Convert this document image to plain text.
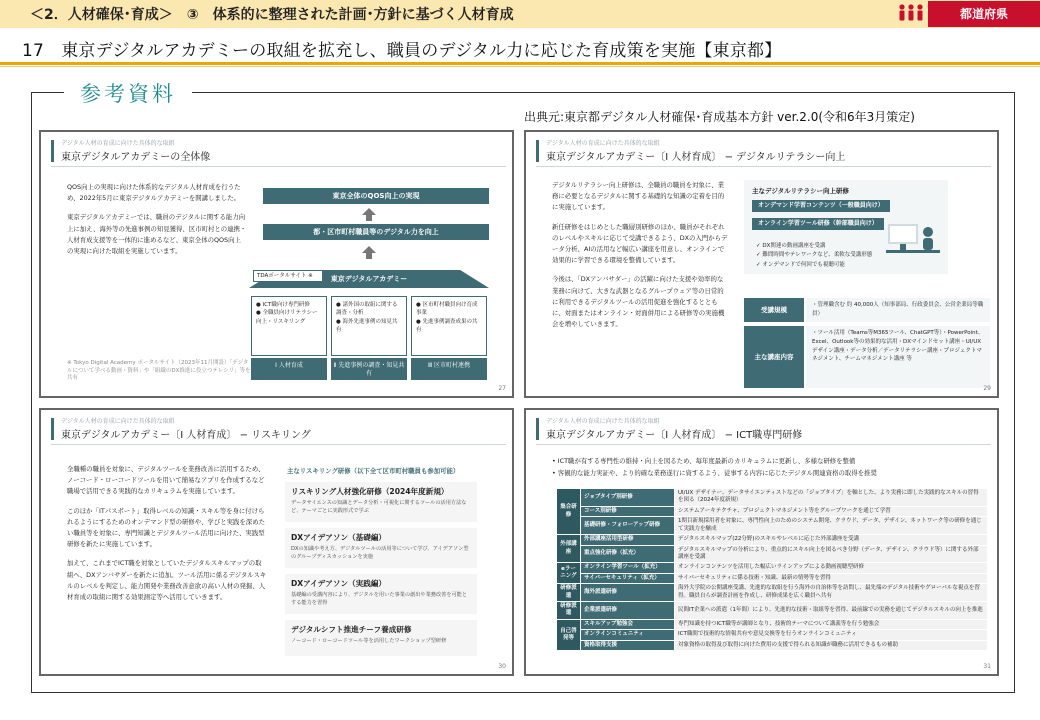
＜2．人材確保･育成＞　③　体系的に整理された計画･方針に基づく人材育成	都道府県
17　東京デジタルアカデミーの取組を拡充し、職員のデジタル力に応じた育成策を実施【東京都】
参考資料
出典元:東京都デジタル人材確保･育成基本方針 ver.2.0(令和6年3月策定)
デジタル人材の育成に向けた具体的な取組
東京デジタルアカデミーの全体像

QOS向上の実現に向けた体系的なデジタル人材育成を行うため、2022年5月に東京デジタルアカデミーを開講しました。

東京デジタルアカデミーでは、職員のデジタルに関する能力向上に加え、海外等の先進事例の知見獲得、区市町村との連携・人材育成支援等を一体的に進めるなど、東京全体のQOS向上の実現に向けた取組を実施しています。

※ Tokyo Digital Academy ポータルサイト（2023年11月開設）「デジタルについて学べる動画・資料」や「組織のDX推進に役立つテレシリ」等を共有
東京全体のQOS向上の実現
都・区市町村職員等のデジタル力を向上
東京デジタルアカデミー
TDAポータルサイト ※
● ICT職向け専門研修
● 全職員向けリテラシー向上・リスキリング
Ⅰ 人材育成
● 諸外国の取組に関する調査・分析
● 海外先進事例の知見共有
Ⅱ 先進事例の調査・知見共有
● 区市町村職員向け育成事業
● 先進事例調査成果の共有
Ⅲ 区市町村連携
27
デジタル人材の育成に向けた具体的な取組
東京デジタルアカデミー〔Ⅰ 人材育成〕 − デジタルリテラシー向上

デジタルリテラシー向上研修は、全職員の職員を対象に、業務に必要となるデジタルに関する基礎的な知識の定着を目的に実施しています。

新任研修をはじめとした職層別研修のほか、職員がそれぞれのレベルやスキルに応じて受講できるよう、DXの入門からデータ分析、AIの活用など幅広い講座を用意し、オンラインで効果的に学習できる環境を整備しています。

今後は、「DXアンバサダー」の活躍に向けた支援や効率的な業務に向けて、大きな武器となるグループウェア等の日常的に利用できるデジタルツールの活用促進を強化するとともに、対面またはオンライン・対面併用による研修等の実施機会を増やしていきます。

主なデジタルリテラシー向上研修
オンデマンド学習コンテンツ（一般職員向け）
オンライン学習ツール研修（幹部職員向け）
✓ DX関連の動画講座を受講
✓ 難問時間やテレワークなど、柔軟な受講形態
✓ オンデマンドで何回でも視聴可能
受講規模
・管理職含む 約 40,000人（知事部局、行政委員会、公営企業局等職員）
主な講座内容
・ツール活用（Teams等M365ツール、ChatGPT等）・PowerPoint、Excel、Outlook等の効果的な活用・DXマインドセット講座・UI/UXデザイン講座・データ分析／データリテラシー講座・プロジェクトマネジメント、チームマネジメント講座 等
29
デジタル人材の育成に向けた具体的な取組
東京デジタルアカデミー〔Ⅰ 人材育成〕 − リスキリング

全職種の職員を対象に、デジタルツールを業務改善に活用するため、ノーコード・ローコードツールを用いて簡易なアプリを作成するなど職場で活用できる実践的なカリキュラムを実施しています。

このほか「ITパスポート」取得レベルの知識・スキル等を身に付けられるようにするためのオンデマンド型の研修や、学びと実践を深めたい職員等を対象に、専門知識とデジタルツール活用に向けた、実践型研修を新たに実施しています。

加えて、これまでICT職を対象としていたデジタルスキルマップの取組へ、DXアンバサダーを新たに追加。ツール活用に係るデジタルスキルのレベルを判定し、能力開発や業務改善意欲の高い人材の発掘、人材育成の取組に関する効果測定等へ活用していきます。

主なリスキリング研修（以下全て区市町村職員も参加可能）
リスキリング人材強化研修（2024年度新規）
データサイエンスの知識とデータ分析・可視化に関するツールの活用方法など、テーマごとに実践形式で学ぶ
DXアイデアソン（基礎編）
DXの知識や考え方、デジタルツールの活用等について学び、アイデアソン型のグループディスカッションを実施
DXアイデアソン（実践編）
基礎編の受講内容により、デジタルを用いた事業の創出や業務改善を可能とする能力を習得
デジタルシフト推進チーフ養成研修
ノーコード・ローコードツール等を活用したワークショップ型研修
30
デジタル人材の育成に向けた具体的な取組
東京デジタルアカデミー〔Ⅰ 人材育成〕 − ICT職専門研修
• ICT職が有する専門性の維持・向上を図るため、毎年度最新のカリキュラムに更新し、多様な研修を整備
• 客観的な能力実証や、より的確な業務遂行に資するよう、従事する内容に応じたデジタル関連資格の取得を推奨
集合研修	ジョブタイプ別研修	UI/UX デザイナー、データサイエンティストなどの「ジョブタイプ」を軸とした、より実務に即した実践的なスキルの習得を図る（2024年度新規）
	コース別研修	システムアーキテクチャ、プロジェクトマネジメント等をグループワークを通じて学習
	基礎研修・フォローアップ研修	1期目新規採用者を対象に、専門性向上のためのシステム開発、クラウド、データ、デザイン、ネットワーク等の研修を通じて実践力を醸成
外部講座	外部講座活用型研修	デジタルスキルマップ(22分野)のスキルやレベルに応じた外部講座を受講
	重点強化研修（拡充）	デジタルスキルマップの分析により、重点的にスキル向上を図るべき分野（データ、デザイン、クラウド等）に関する外部講座を受講
eラーニング	オンライン学習ツール（拡充）	オンラインコンテンツを活用した幅広いラインアップによる動画視聴型研修
	サイバーセキュリティ（拡充）	サイバーセキュリティに係る技術・知識、最新の情勢等を習得
研修派遣	海外派遣研修	海外大学院の公開講座受講、先進的な取組を行う海外の自治体等を訪問し、最先端のデジタル技術やグローバルな視点を習得。職員自らが調査計画を作成し、研修成果を広く職員へ共有
研修派遣	企業派遣研修	民間IT企業への派遣（1年間）により、先進的な技術・取組等を習得、最前線での実務を通じてデジタルスキルの向上を推進
自己啓発等	スキルアップ勉強会	専門知識を持つICT職等が講師となり、技術的テーマについて講義等を行う勉強会
	オンラインコミュニティ	ICT職間で技術的な情報共有や意見交換等を行うオンラインコミュニティ
	資格取得支援	対象資格の取得及び取得に向けた費用の支援で得られる知識が職務に活用できるもの補助
31
